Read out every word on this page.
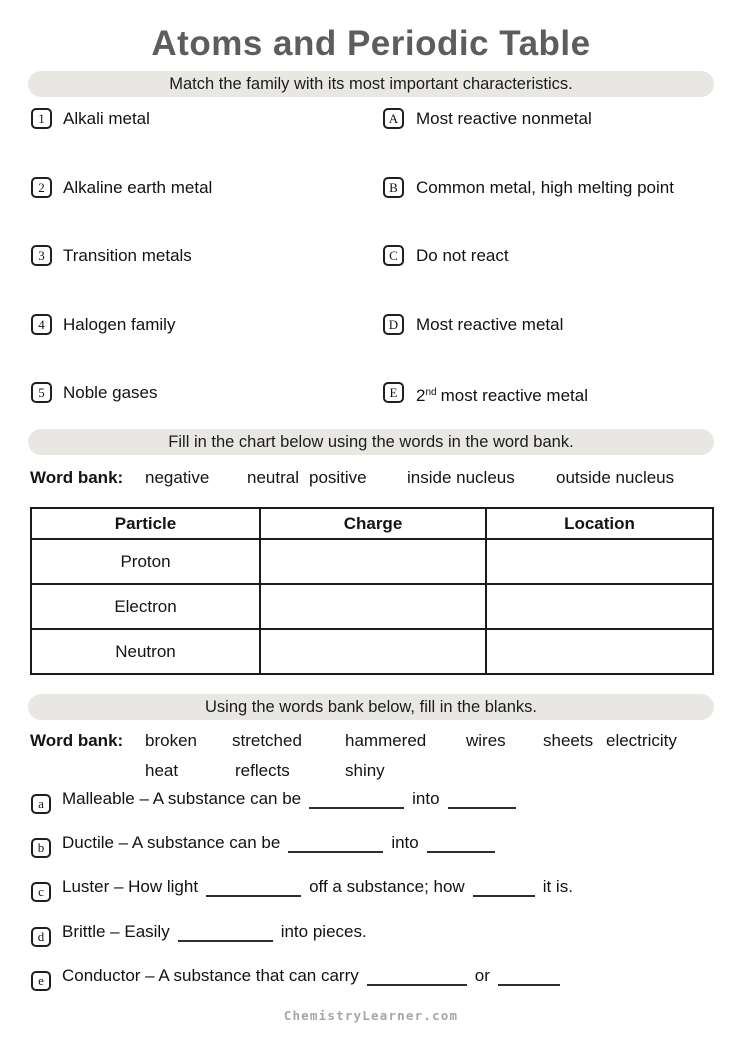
Atoms and Periodic Table
Match the family with its most important characteristics.
1 Alkali metal	A Most reactive nonmetal
2 Alkaline earth metal	B Common metal, high melting point
3 Transition metals	C Do not react
4 Halogen family	D Most reactive metal
5 Noble gases	E 2nd most reactive metal
Fill in the chart below using the words in the word bank.
Word bank: negative neutral positive inside nucleus outside nucleus
Particle	Charge	Location
Proton		
Electron		
Neutron		
Using the words bank below, fill in the blanks.
Word bank: broken stretched	hammered wires sheets electricity
heat	reflects	shiny
a Malleable – A substance can be	into
b Ductile – A substance can be	into
c Luster – How light	off a substance; how	it is.
d Brittle – Easily	into pieces.
e Conductor – A substance that can carry	or
ChemistryLearner.com
